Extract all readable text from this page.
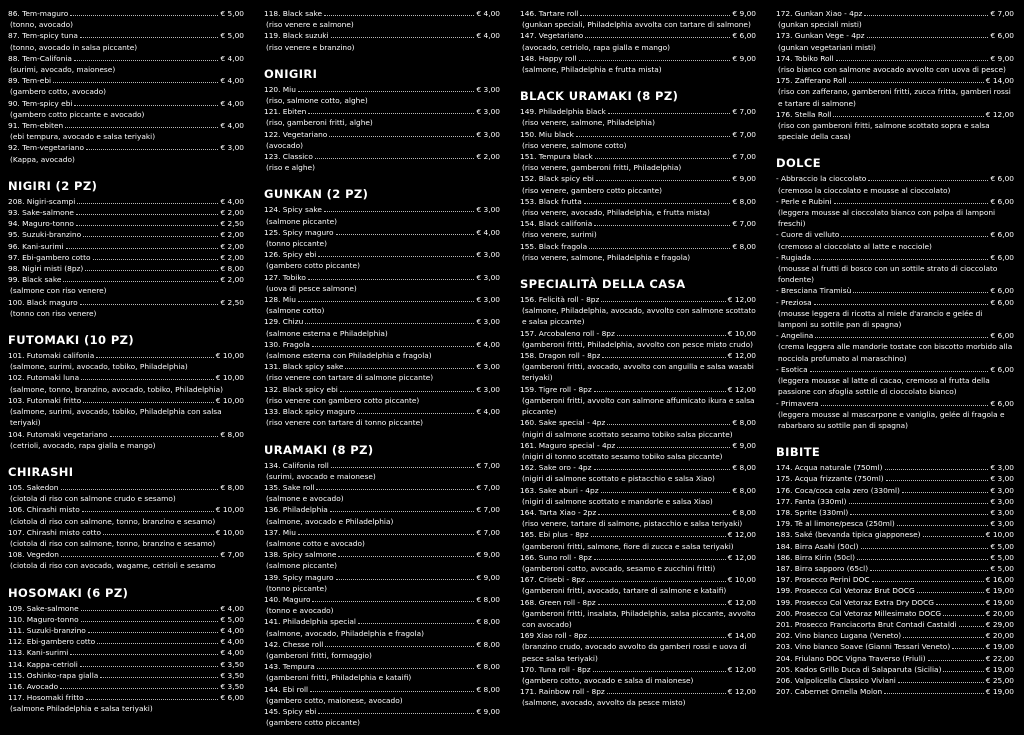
86. Tem-maguro	€ 5,00
(tonno, avocado)
87. Tem-spicy tuna	€ 5,00
(tonno, avocado in salsa piccante)
88. Tem-Califonia	€ 4,00
(surimi, avocado, maionese)
89. Tem-ebi	€ 4,00
(gambero cotto, avocado)
90. Tem-spicy ebi	€ 4,00
(gambero cotto piccante e avocado)
91. Tem-ebiten	€ 4,00
(ebi tempura, avocado e salsa teriyaki)
92. Tem-vegetariano	€ 3,00
(Kappa, avocado)
NIGIRI (2 PZ)
208. Nigiri-scampi	€ 4,00
93. Sake-salmone	€ 2,00
94. Maguro-tonno	€ 2,50
95. Suzuki-branzino	€ 2,00
96. Kani-surimi	€ 2,00
97. Ebi-gambero cotto	€ 2,00
98. Nigiri misti (8pz)	€ 8,00
99. Black sake	€ 2,00
(salmone con riso venere)
100. Black maguro	€ 2,50
(tonno con riso venere)
FUTOMAKI (10 PZ)
101. Futomaki califonia	€ 10,00
(salmone, surimi, avocado, tobiko, Philadelphia)
102. Futomaki luna	€ 10,00
(salmone, tonno, branzino, avocado, tobiko, Philadelphia)
103. Futomaki fritto	€ 10,00
(salmone, surimi, avocado, tobiko, Philadelphia con salsa teriyaki)
104. Futomaki vegetariano	€ 8,00
(cetrioli, avocado, rapa gialla e mango)
CHIRASHI
105. Sakedon	€ 8,00
(ciotola di riso con salmone crudo e sesamo)
106. Chirashi misto	€ 10,00
(ciotola di riso con salmone, tonno, branzino e sesamo)
107. Chirashi misto cotto	€ 10,00
(ciotola di riso con salmone, tonno, branzino e sesamo)
108. Vegedon	€ 7,00
(ciotola di riso con avocado, wagame, cetrioli e sesamo
HOSOMAKI (6 PZ)
109. Sake-salmone	€ 4,00
110. Maguro-tonno	€ 5,00
111. Suzuki-branzino	€ 4,00
112. Ebi-gambero cotto	€ 4,00
113. Kani-surimi	€ 4,00
114. Kappa-cetrioli	€ 3,50
115. Oshinko-rapa gialla	€ 3,50
116. Avocado	€ 3,50
117. Hosomaki fritto	€ 6,00
(salmone Philadelphia e salsa teriyaki)
118. Black sake	€ 4,00
(riso venere e salmone)
119. Black suzuki	€ 4,00
(riso venere e branzino)
ONIGIRI
120. Miu	€ 3,00
(riso, salmone cotto, alghe)
121. Ebiten	€ 3,00
(riso, gamberoni fritti, alghe)
122. Vegetariano	€ 3,00
(avocado)
123. Classico	€ 2,00
(riso e alghe)
GUNKAN (2 PZ)
124. Spicy sake	€ 3,00
(salmone piccante)
125. Spicy maguro	€ 4,00
(tonno piccante)
126. Spicy ebi	€ 3,00
(gambero cotto piccante)
127. Tobiko	€ 3,00
(uova di pesce salmone)
128. Miu	€ 3,00
(salmone cotto)
129. Chizu	€ 3,00
(salmone esterna e Philadelphia)
130. Fragola	€ 4,00
(salmone esterna con Philadelphia e fragola)
131. Black spicy sake	€ 3,00
(riso venere con tartare di salmone piccante)
132. Black spicy ebi	€ 3,00
(riso venere con gambero cotto piccante)
133. Black spicy maguro	€ 4,00
(riso venere con tartare di tonno piccante)
URAMAKI (8 PZ)
134. Califonia roll	€ 7,00
(surimi, avocado e maionese)
135. Sake roll	€ 7,00
(salmone e avocado)
136. Philadelphia	€ 7,00
(salmone, avocado e Philadelphia)
137. Miu	€ 7,00
(salmone cotto e avocado)
138. Spicy salmone	€ 9,00
(salmone piccante)
139. Spicy maguro	€ 9,00
(tonno piccante)
140. Maguro	€ 8,00
(tonno e avocado)
141. Philadelphia special	€ 8,00
(salmone, avocado, Philadelphia e fragola)
142. Chesse roll	€ 8,00
(gamberoni fritti, formaggio)
143. Tempura	€ 8,00
(gamberoni fritti, Philadelphia e kataifi)
144. Ebi roll	€ 8,00
(gambero cotto, maionese, avocado)
145. Spicy ebi	€ 9,00
(gambero cotto piccante)
146. Tartare roll	€ 9,00
(gunkan speciali, Philadelphia avvolta con tartare di salmone)
147. Vegetariano	€ 6,00
(avocado, cetriolo, rapa gialla e mango)
148. Happy roll	€ 9,00
(salmone, Philadelphia e frutta mista)
BLACK URAMAKI (8 PZ)
149. Philadelphia black	€ 7,00
(riso venere, salmone, Philadelphia)
150. Miu black	€ 7,00
(riso venere, salmone cotto)
151. Tempura black	€ 7,00
(riso venere, gamberoni fritti, Philadelphia)
152. Black spicy ebi	€ 9,00
(riso venere, gambero cotto piccante)
153. Black frutta	€ 8,00
(riso venere, avocado, Philadelphia, e frutta mista)
154. Black califonia	€ 7,00
(riso venere, surimi)
155. Black fragola	€ 8,00
(riso venere, salmone, Philadelphia e fragola)
SPECIALITÀ DELLA CASA
156. Felicità roll - 8pz	€ 12,00
(salmone, Philadelphia, avocado, avvolto con salmone scottato e salsa piccante)
157. Arcobaleno roll - 8pz	€ 10,00
(gamberoni fritti, Philadelphia, avvolto con pesce misto crudo)
158. Dragon roll - 8pz	€ 12,00
(gamberoni fritti, avocado, avvolto con anguilla e salsa wasabi teriyaki)
159. Tigre roll - 8pz	€ 12,00
(gamberoni fritti, avvolto con salmone affumicato ikura e salsa piccante)
160. Sake special - 4pz	€ 8,00
(nigiri di salmone scottato sesamo tobiko salsa piccante)
161. Maguro special - 4pz	€ 9,00
(nigiri di tonno scottato sesamo tobiko salsa piccante)
162. Sake oro - 4pz	€ 8,00
(nigiri di salmone scottato e pistacchio e salsa Xiao)
163. Sake aburi - 4pz	€ 8,00
(nigiri di salmone scottato e mandorle e salsa Xiao)
164. Tarta Xiao - 2pz	€ 8,00
(riso venere, tartare di salmone, pistacchio e salsa teriyaki)
165. Ebi plus - 8pz	€ 12,00
(gamberoni fritti, salmone, fiore di zucca e salsa teriyaki)
166. Suno roll - 8pz	€ 12,00
(gamberoni cotto, avocado, sesamo e zucchini fritti)
167. Crisebi - 8pz	€ 10,00
(gamberoni fritti, avocado, tartare di salmone e kataifi)
168. Green roll - 8pz	€ 12,00
(gamberoni fritti, insalata, Philadelphia, salsa piccante, avvolto con avocado)
169 Xiao roll - 8pz	€ 14,00
(branzino crudo, avocado avvolto da gamberi rossi e uova di pesce salsa teriyaki)
170. Tuna roll - 8pz	€ 12,00
(gambero cotto, avocado e salsa di maionese)
171. Rainbow roll - 8pz	€ 12,00
(salmone, avocado, avvolto da pesce misto)
172. Gunkan Xiao - 4pz	€ 7,00
(gunkan speciali misti)
173. Gunkan Vege - 4pz	€ 6,00
(gunkan vegetariani misti)
174. Tobiko Roll	€ 9,00
(riso bianco con salmone avocado avvolto con uova di pesce)
175. Zafferano Roll	€ 14,00
(riso con zafferano, gamberoni fritti, zucca fritta, gamberi rossi e tartare di salmone)
176. Stella Roll	€ 12,00
(riso con gamberoni fritti, salmone scottato sopra e salsa speciale della casa)
DOLCE
- Abbraccio la cioccolato	€ 6,00
(cremoso la cioccolato e mousse al cioccolato)
- Perle e Rubini	€ 6,00
(leggera mousse al cioccolato bianco con polpa di lamponi freschi)
- Cuore di velluto	€ 6,00
(cremoso al cioccolato al latte e nocciole)
- Rugiada	€ 6,00
(mousse al frutti di bosco con un sottile strato di cioccolato fondente)
- Bresciana Tiramisù	€ 6,00
- Preziosa	€ 6,00
(mousse leggera di ricotta al miele d'arancio e gelée di lamponi su sottile pan di spagna)
- Angelina	€ 6,00
(crema leggera alle mandorle tostate con biscotto morbido alla nocciola profumato al maraschino)
- Esotica	€ 6,00
(leggera mousse al latte di cacao, cremoso al frutta della passione con sfoglia sottile di cioccolato bianco)
- Primavera	€ 6,00
(leggera mousse al mascarpone e vaniglia, gelée di fragola e rabarbaro su sottile pan di spagna)
BIBITE
174. Acqua naturale (750ml)	€ 3,00
175. Acqua frizzante (750ml)	€ 3,00
176. Coca/coca cola zero (330ml)	€ 3,00
177. Fanta (330ml)	€ 3,00
178. Sprite (330ml)	€ 3,00
179. Tè al limone/pesca (250ml)	€ 3,00
183. Saké (bevanda tipica giapponese)	€ 10,00
184. Birra Asahi (50cl)	€ 5,00
186. Birra Kirin (50cl)	€ 5,00
187. Birra sapporo (65cl)	€ 5,00
197. Prosecco Perini DOC	€ 16,00
199. Prosecco Col Vetoraz Brut DOCG	€ 19,00
199. Prosecco Col Vetoraz Extra Dry DOCG	€ 19,00
200. Prosecco Col Vetoraz Millesimato DOCG	€ 20,00
201. Prosecco Franciacorta Brut Contadi Castaldi	€ 29,00
202. Vino bianco Lugana (Veneto)	€ 20,00
203. Vino bianco Soave (Gianni Tessari Veneto)	€ 19,00
204. Friulano DOC Vigna Traverso (Friuli)	€ 22,00
205. Kados Grillo Duca di Salaparuta (Sicilia)	€ 19,00
206. Valpolicella Classico Viviani	€ 25,00
207. Cabernet Ornella Molon	€ 19,00
